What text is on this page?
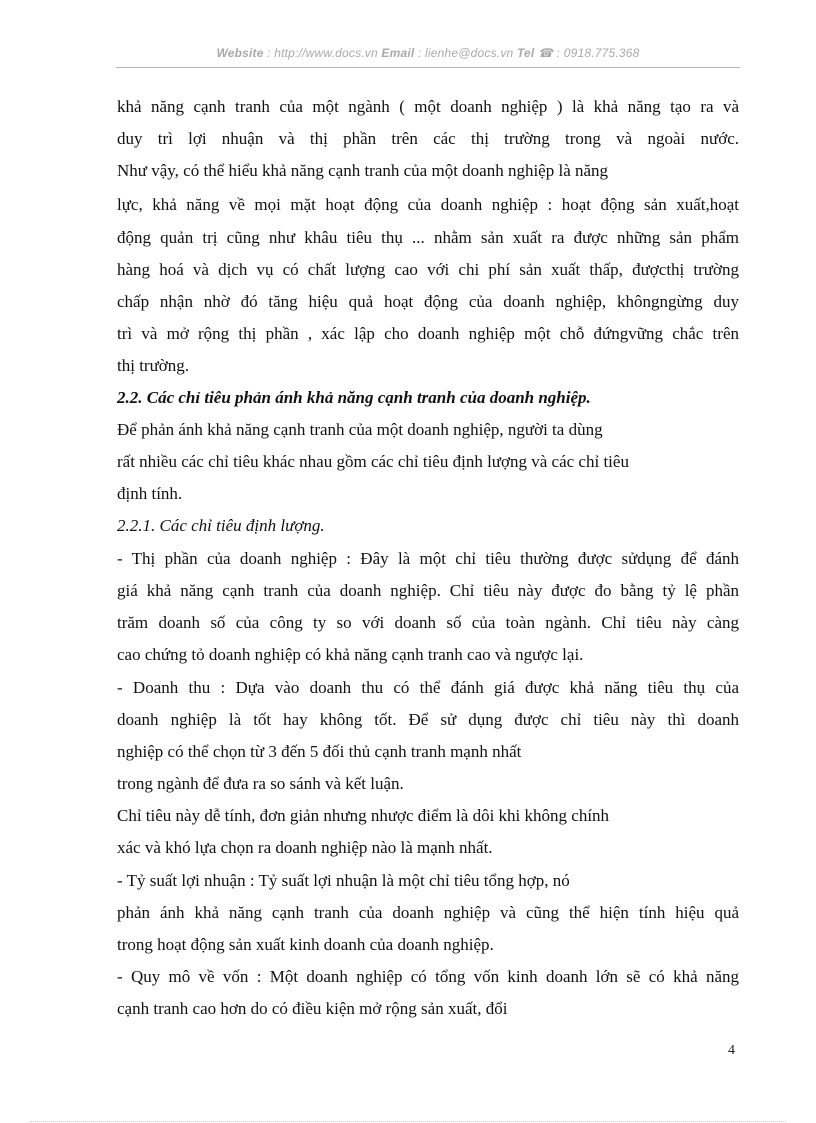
Website : http://www.docs.vn Email : lienhe@docs.vn Tel ☎ : 0918.775.368
khả năng cạnh tranh của một ngành ( một doanh nghiệp ) là khả năng tạo ra và
duy trì lợi nhuận và thị phần trên các thị trường trong và ngoài nước.
Như vậy, có thể hiểu khả năng cạnh tranh của một doanh nghiệp là năng
lực, khả năng về mọi mặt hoạt động của doanh nghiệp : hoạt động sản xuất,hoạt
động quản trị cũng như khâu tiêu thụ ... nhằm sản xuất ra được những sản phẩm
hàng hoá và dịch vụ có chất lượng cao với chi phí sản xuất thấp, đượcthị trường
chấp nhận nhờ đó tăng hiệu quả hoạt động của doanh nghiệp, khôngngừng duy
trì và mở rộng thị phần , xác lập cho doanh nghiệp một chỗ đứngvững chắc trên
thị trường.
2.2. Các chỉ tiêu phản ánh khả năng cạnh tranh của doanh nghiệp.
Để phản ánh khả năng cạnh tranh của một doanh nghiệp, người ta dùng
rất nhiều các chỉ tiêu khác nhau gồm các chỉ tiêu định lượng và các chỉ tiêu
định tính.
2.2.1. Các chỉ tiêu định lượng.
- Thị phần của doanh nghiệp : Đây là một chỉ tiêu thường được sửdụng để đánh
giá khả năng cạnh tranh của doanh nghiệp. Chỉ tiêu này được đo bằng tỷ lệ phần
trăm doanh số của công ty so với doanh số của toàn ngành. Chỉ tiêu này càng
cao chứng tỏ doanh nghiệp có khả năng cạnh tranh cao và ngược lại.
- Doanh thu : Dựa vào doanh thu có thể đánh giá được khả năng tiêu thụ của
doanh nghiệp là tốt hay không tốt. Để sử dụng được chỉ tiêu này thì doanh
nghiệp có thể chọn từ 3 đến 5 đối thủ cạnh tranh mạnh nhất
trong ngành để đưa ra so sánh và kết luận.
Chỉ tiêu này dễ tính, đơn giản nhưng nhược điểm là dôi khi không chính
xác và khó lựa chọn ra doanh nghiệp nào là mạnh nhất.
- Tỷ suất lợi nhuận : Tỷ suất lợi nhuận là một chỉ tiêu tổng hợp, nó
phản ánh khả năng cạnh tranh của doanh nghiệp và cũng thể hiện tính hiệu quả
trong hoạt động sản xuất kinh doanh của doanh nghiệp.
- Quy mô về vốn : Một doanh nghiệp có tổng vốn kinh doanh lớn sẽ có khả năng
cạnh tranh cao hơn do có điều kiện mở rộng sản xuất, đổi
4
